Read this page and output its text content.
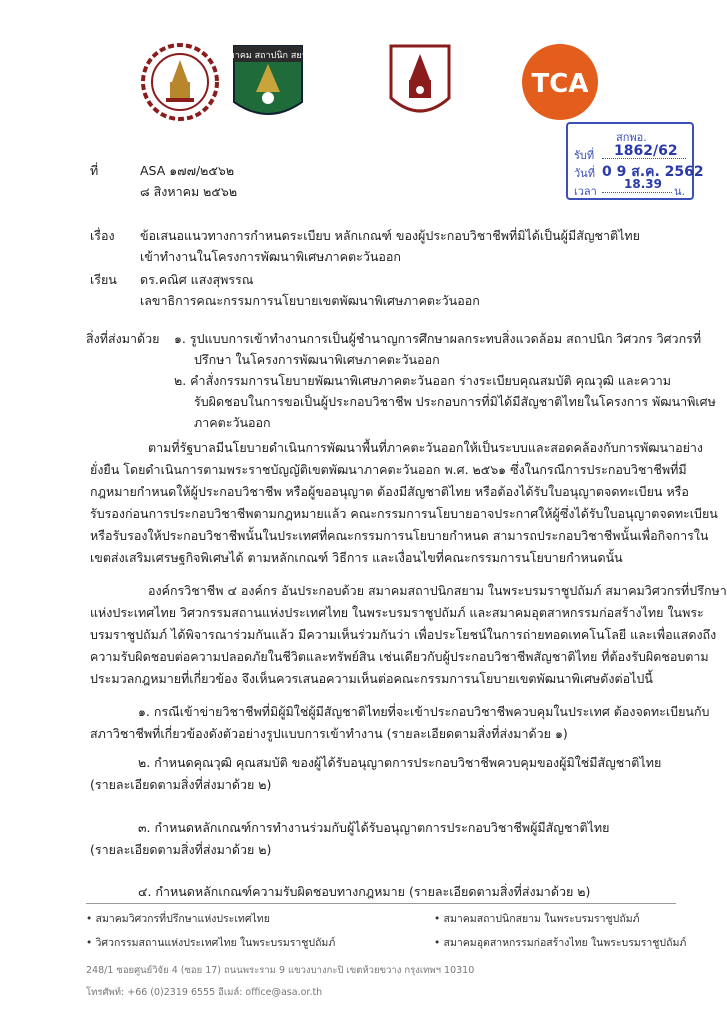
สมาคม สถาปนิก สยาม
TCA
สกพอ.
รับที่ 1862/62
วันที่ 0 9 ส.ค. 2562
เวลา
18.39
น.
ที่	ASA ๑๗๗/๒๕๖๒
๘ สิงหาคม ๒๕๖๒
เรื่อง ข้อเสนอแนวทางการกำหนดระเบียบ หลักเกณฑ์ ของผู้ประกอบวิชาชีพที่มิได้เป็นผู้มีสัญชาติไทย
เข้าทำงานในโครงการพัฒนาพิเศษภาคตะวันออก
เรียน ดร.คณิศ แสงสุพรรณ
เลขาธิการคณะกรรมการนโยบายเขตพัฒนาพิเศษภาคตะวันออก
สิ่งที่ส่งมาด้วย ๑. รูปแบบการเข้าทำงานการเป็นผู้ชำนาญการศึกษาผลกระทบสิ่งแวดล้อม สถาปนิก วิศวกร วิศวกรที่
ปรึกษา ในโครงการพัฒนาพิเศษภาคตะวันออก
๒. คำสั่งกรรมการนโยบายพัฒนาพิเศษภาคตะวันออก ร่างระเบียบคุณสมบัติ คุณวุฒิ และความ
รับผิดชอบในการขอเป็นผู้ประกอบวิชาชีพ ประกอบการที่มิได้มีสัญชาติไทยในโครงการ พัฒนาพิเศษ
ภาคตะวันออก
ตามที่รัฐบาลมีนโยบายดำเนินการพัฒนาพื้นที่ภาคตะวันออกให้เป็นระบบและสอดคล้องกับการพัฒนาอย่าง
ยั่งยืน โดยดำเนินการตามพระราชบัญญัติเขตพัฒนาภาคตะวันออก พ.ศ. ๒๕๖๑ ซึ่งในกรณีการประกอบวิชาชีพที่มี
กฎหมายกำหนดให้ผู้ประกอบวิชาชีพ หรือผู้ขออนุญาต ต้องมีสัญชาติไทย หรือต้องได้รับใบอนุญาตจดทะเบียน หรือ
รับรองก่อนการประกอบวิชาชีพตามกฎหมายแล้ว คณะกรรมการนโยบายอาจประกาศให้ผู้ซึ่งได้รับใบอนุญาตจดทะเบียน
หรือรับรองให้ประกอบวิชาชีพนั้นในประเทศที่คณะกรรมการนโยบายกำหนด สามารถประกอบวิชาชีพนั้นเพื่อกิจการใน
เขตส่งเสริมเศรษฐกิจพิเศษได้ ตามหลักเกณฑ์ วิธีการ และเงื่อนไขที่คณะกรรมการนโยบายกำหนดนั้น
องค์กรวิชาชีพ ๔ องค์กร อันประกอบด้วย สมาคมสถาปนิกสยาม ในพระบรมราชูปถัมภ์ สมาคมวิศวกรที่ปรึกษา
แห่งประเทศไทย วิศวกรรมสถานแห่งประเทศไทย ในพระบรมราชูปถัมภ์ และสมาคมอุตสาหกรรมก่อสร้างไทย ในพระ
บรมราชูปถัมภ์ ได้พิจารณาร่วมกันแล้ว มีความเห็นร่วมกันว่า เพื่อประโยชน์ในการถ่ายทอดเทคโนโลยี และเพื่อแสดงถึง
ความรับผิดชอบต่อความปลอดภัยในชีวิตและทรัพย์สิน เช่นเดียวกับผู้ประกอบวิชาชีพสัญชาติไทย ที่ต้องรับผิดชอบตาม
ประมวลกฎหมายที่เกี่ยวข้อง จึงเห็นควรเสนอความเห็นต่อคณะกรรมการนโยบายเขตพัฒนาพิเศษดังต่อไปนี้
๑. กรณีเข้าข่ายวิชาชีพที่มิผู้มิใช่ผู้มีสัญชาติไทยที่จะเข้าประกอบวิชาชีพควบคุมในประเทศ ต้องจดทะเบียนกับ
สภาวิชาชีพที่เกี่ยวข้องดังตัวอย่างรูปแบบการเข้าทำงาน (รายละเอียดตามสิ่งที่ส่งมาด้วย ๑)
๒. กำหนดคุณวุฒิ คุณสมบัติ ของผู้ได้รับอนุญาตการประกอบวิชาชีพควบคุมของผู้มิใช่มีสัญชาติไทย
(รายละเอียดตามสิ่งที่ส่งมาด้วย ๒)
๓. กำหนดหลักเกณฑ์การทำงานร่วมกับผู้ได้รับอนุญาตการประกอบวิชาชีพผู้มีสัญชาติไทย
(รายละเอียดตามสิ่งที่ส่งมาด้วย ๒)
๔. กำหนดหลักเกณฑ์ความรับผิดชอบทางกฎหมาย (รายละเอียดตามสิ่งที่ส่งมาด้วย ๒)
• สมาคมวิศวกรที่ปรึกษาแห่งประเทศไทย	• สมาคมสถาปนิกสยาม ในพระบรมราชูปถัมภ์
• วิศวกรรมสถานแห่งประเทศไทย ในพระบรมราชูปถัมภ์	• สมาคมอุตสาหกรรมก่อสร้างไทย ในพระบรมราชูปถัมภ์
248/1 ซอยศูนย์วิจัย 4 (ซอย 17) ถนนพระราม 9 แขวงบางกะปิ เขตห้วยขวาง กรุงเทพฯ 10310
โทรศัพท์: +66 (0)2319 6555 อีเมล์: office@asa.or.th
